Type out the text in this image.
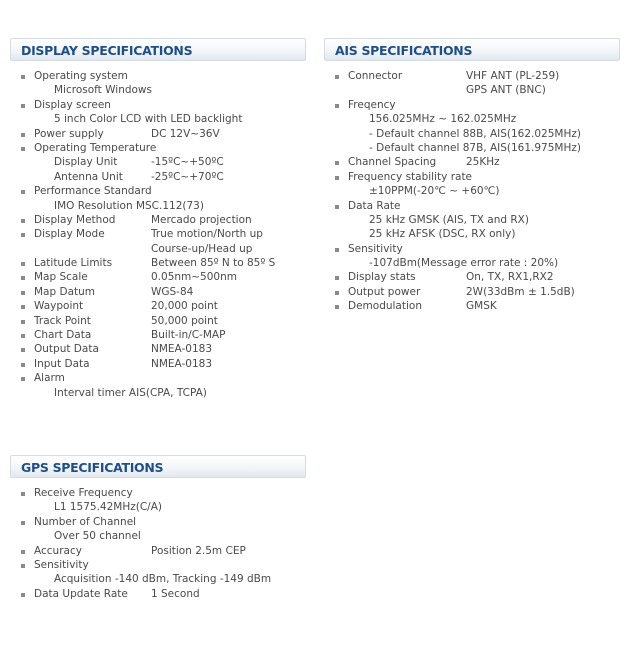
DISPLAY SPECIFICATIONS
Operating system
Microsoft Windows
Display screen
5 inch Color LCD with LED backlight
Power supply	DC 12V~36V
Operating Temperature
Display Unit	-15ºC~+50ºC
Antenna Unit	-25ºC~+70ºC
Performance Standard
IMO Resolution MSC.112(73)
Display Method	Mercado projection
Display Mode	True motion/North up
Course-up/Head up
Latitude Limits	Between 85º N to 85º S
Map Scale	0.05nm~500nm
Map Datum	WGS-84
Waypoint	20,000 point
Track Point	50,000 point
Chart Data	Built-in/C-MAP
Output Data	NMEA-0183
Input Data	NMEA-0183
Alarm
Interval timer AIS(CPA, TCPA)
AIS SPECIFICATIONS
Connector	VHF ANT (PL-259)
GPS ANT (BNC)
Freqency
156.025MHz ~ 162.025MHz
- Default channel 88B, AIS(162.025MHz)
- Default channel 87B, AIS(161.975MHz)
Channel Spacing	25KHz
Frequency stability rate
±10PPM(-20℃ ~ +60℃)
Data Rate
25 kHz GMSK (AIS, TX and RX)
25 kHz AFSK (DSC, RX only)
Sensitivity
-107dBm(Message error rate : 20%)
Display stats	On, TX, RX1,RX2
Output power	2W(33dBm ± 1.5dB)
Demodulation	GMSK
GPS SPECIFICATIONS
Receive Frequency
L1 1575.42MHz(C/A)
Number of Channel
Over 50 channel
Accuracy	Position 2.5m CEP
Sensitivity
Acquisition -140 dBm, Tracking -149 dBm
Data Update Rate 1 Second
